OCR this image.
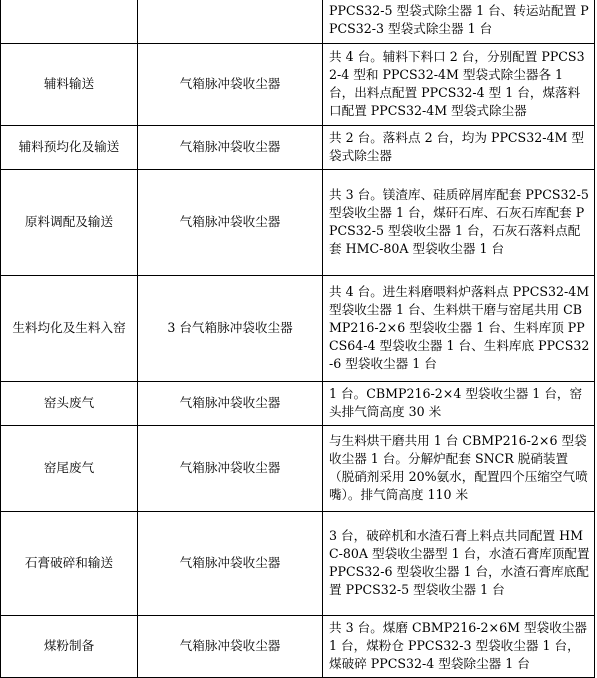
		PPCS32-5 型袋式除尘器 1 台、转运站配置 PPCS32-3 型袋式除尘器 1 台
辅料输送	气箱脉冲袋收尘器	共 4 台。辅料下料口 2 台，分别配置 PPCS32-4 型和 PPCS32-4M 型袋式除尘器各 1 台，出料点配置 PPCS32-4 型 1 台，煤落料口配置 PPCS32-4M 型袋式除尘器
辅料预均化及输送	气箱脉冲袋收尘器	共 2 台。落料点 2 台，均为 PPCS32-4M 型袋式除尘器
原料调配及输送	气箱脉冲袋收尘器	共 3 台。镁渣库、硅质碎屑库配套 PPCS32-5 型袋收尘器 1 台，煤矸石库、石灰石库配套 PPCS32-5 型袋收尘器 1 台，石灰石落料点配套 HMC-80A 型袋收尘器 1 台
生料均化及生料入窑	3 台气箱脉冲袋收尘器	共 4 台。进生料磨喂料炉落料点 PPCS32-4M 型袋收尘器 1 台、生料烘干磨与窑尾共用 CBMP216-2×6 型袋收尘器 1 台、生料库顶 PPCS64-4 型袋收尘器 1 台、生料库底 PPCS32-6 型袋收尘器 1 台
窑头废气	气箱脉冲袋收尘器	1 台。CBMP216-2×4 型袋收尘器 1 台，窑头排气筒高度 30 米
窑尾废气	气箱脉冲袋收尘器	与生料烘干磨共用 1 台 CBMP216-2×6 型袋收尘器 1 台。分解炉配套 SNCR 脱硝装置（脱硝剂采用 20%氨水，配置四个压缩空气喷嘴）。排气筒高度 110 米
石膏破碎和输送	气箱脉冲袋收尘器	3 台，破碎机和水渣石膏上料点共同配置 HMC-80A 型袋收尘器型 1 台，水渣石膏库顶配置 PPCS32-6 型袋收尘器 1 台，水渣石膏库底配置 PPCS32-5 型袋收尘器 1 台
煤粉制备	气箱脉冲袋收尘器	共 3 台。煤磨 CBMP216-2×6M 型袋收尘器 1 台，煤粉仓 PPCS32-3 型袋收尘器 1 台，煤破碎 PPCS32-4 型袋除尘器 1 台
